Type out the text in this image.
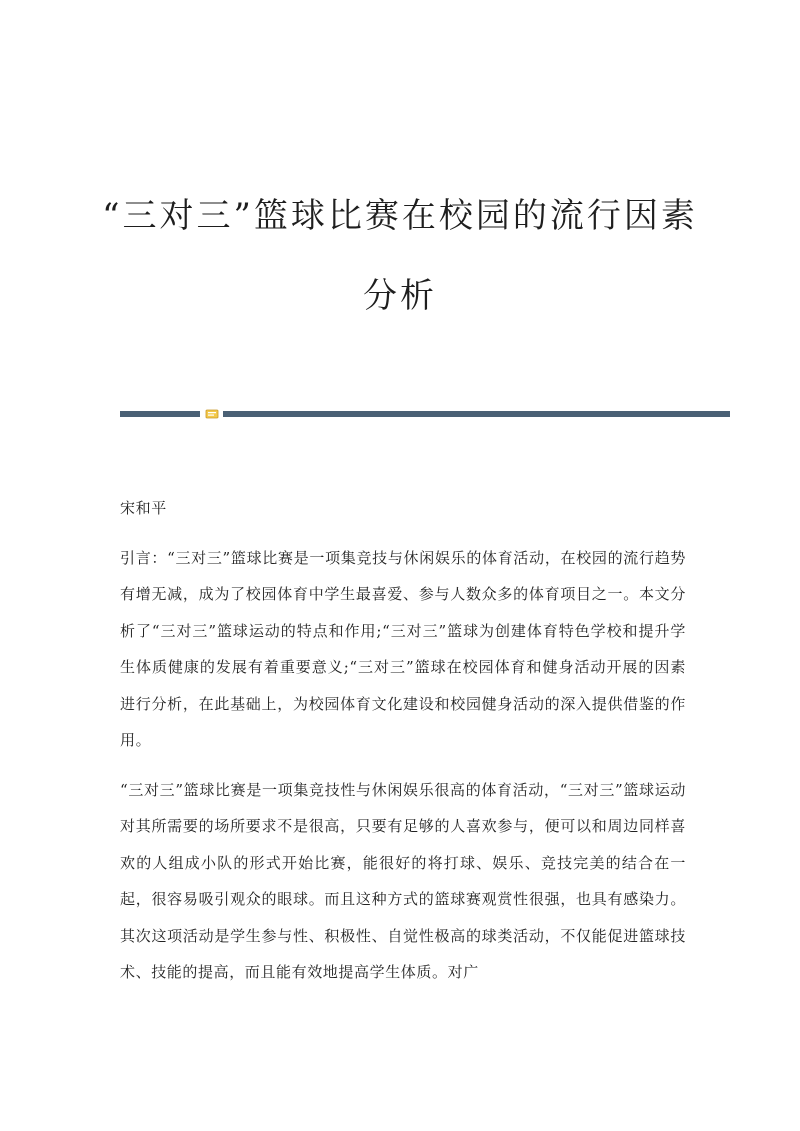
“三对三”篮球比赛在校园的流行因素
分析

宋和平

引言：“三对三”篮球比赛是一项集竞技与休闲娱乐的体育活动，在校园的流行趋势有增无减，成为了校园体育中学生最喜爱、参与人数众多的体育项目之一。本文分析了“三对三”篮球运动的特点和作用;“三对三”篮球为创建体育特色学校和提升学生体质健康的发展有着重要意义;“三对三”篮球在校园体育和健身活动开展的因素进行分析，在此基础上，为校园体育文化建设和校园健身活动的深入提供借鉴的作用。

“三对三”篮球比赛是一项集竞技性与休闲娱乐很高的体育活动，“三对三”篮球运动对其所需要的场所要求不是很高，只要有足够的人喜欢参与，便可以和周边同样喜欢的人组成小队的形式开始比赛，能很好的将打球、娱乐、竞技完美的结合在一起，很容易吸引观众的眼球。而且这种方式的篮球赛观赏性很强，也具有感染力。其次这项活动是学生参与性、积极性、自觉性极高的球类活动，不仅能促进篮球技术、技能的提高，而且能有效地提高学生体质。对广
